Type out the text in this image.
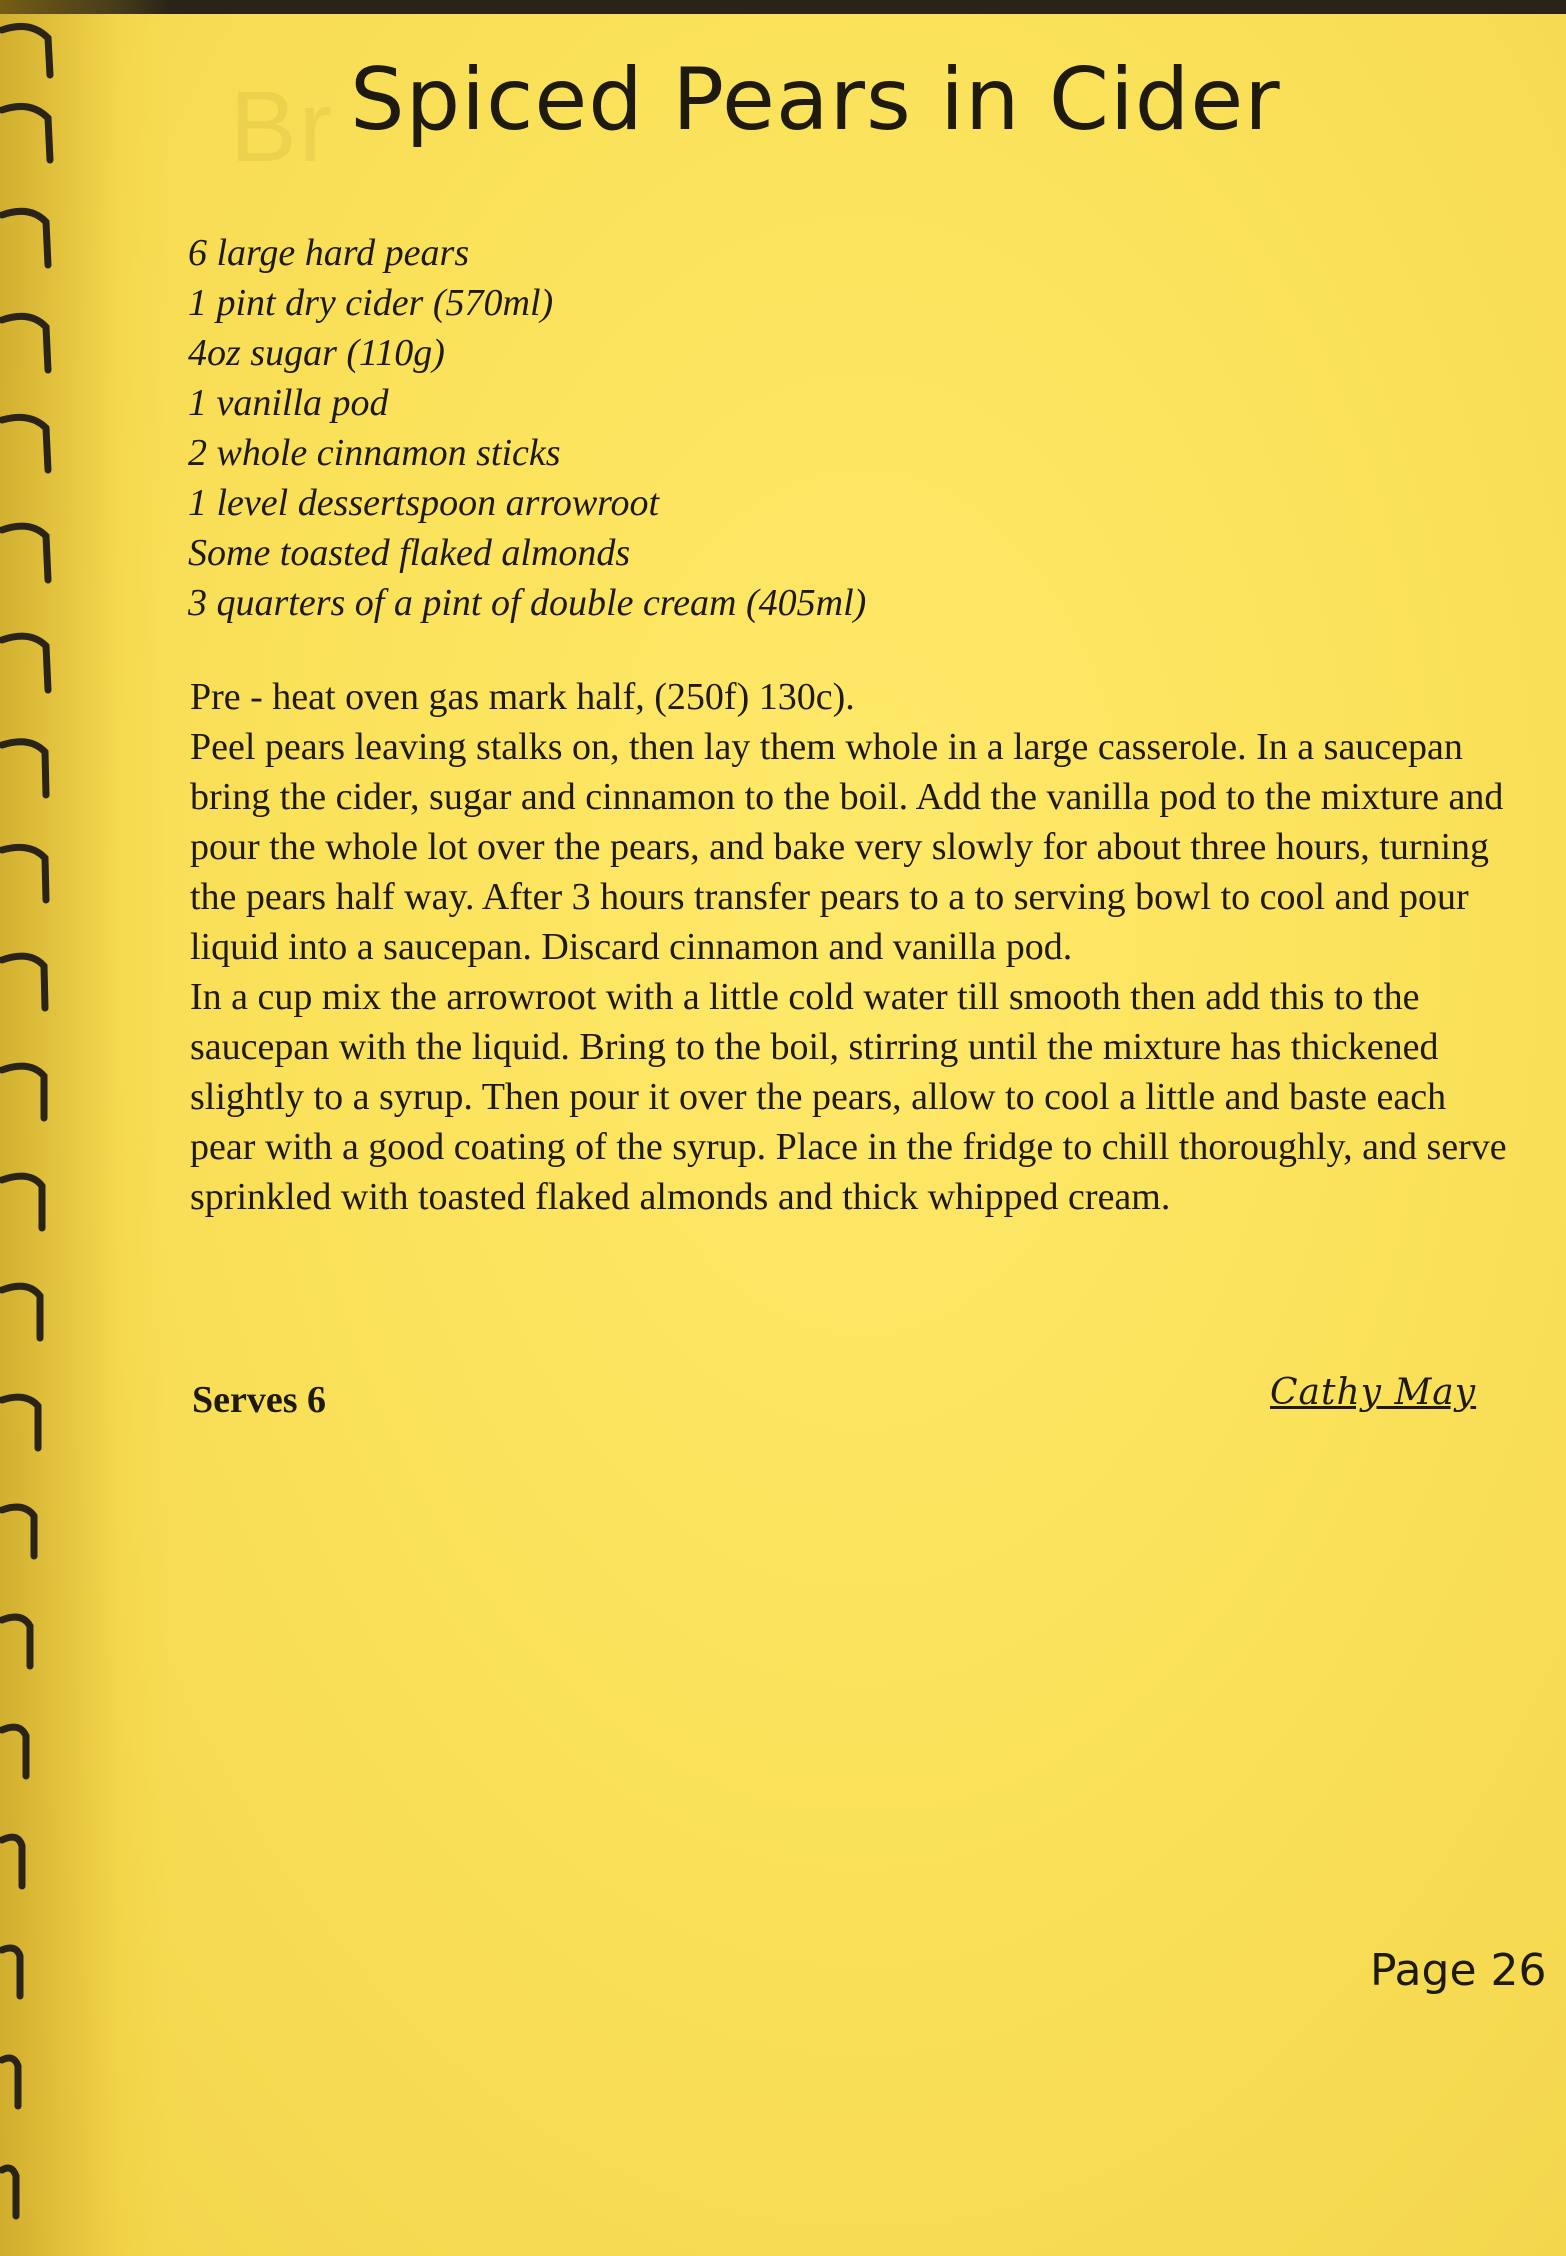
Br Spiced Pears in Cider
6 large hard pears
1 pint dry cider (570ml)
4oz sugar (110g)
1 vanilla pod
2 whole cinnamon sticks
1 level dessertspoon arrowroot
Some toasted flaked almonds
3 quarters of a pint of double cream (405ml)

Pre - heat oven gas mark half, (250f) 130c).

Peel pears leaving stalks on, then lay them whole in a large casserole. In a saucepan bring the cider, sugar and cinnamon to the boil. Add the vanilla pod to the mixture and pour the whole lot over the pears, and bake very slowly for about three hours, turning the pears half way. After 3 hours transfer pears to a to serving bowl to cool and pour liquid into a saucepan. Discard cinnamon and vanilla pod.

In a cup mix the arrowroot with a little cold water till smooth then add this to the saucepan with the liquid. Bring to the boil, stirring until the mixture has thickened slightly to a syrup. Then pour it over the pears, allow to cool a little and baste each pear with a good coating of the syrup. Place in the fridge to chill thoroughly, and serve sprinkled with toasted flaked almonds and thick whipped cream.

Serves 6	Cathy May
Page 26
